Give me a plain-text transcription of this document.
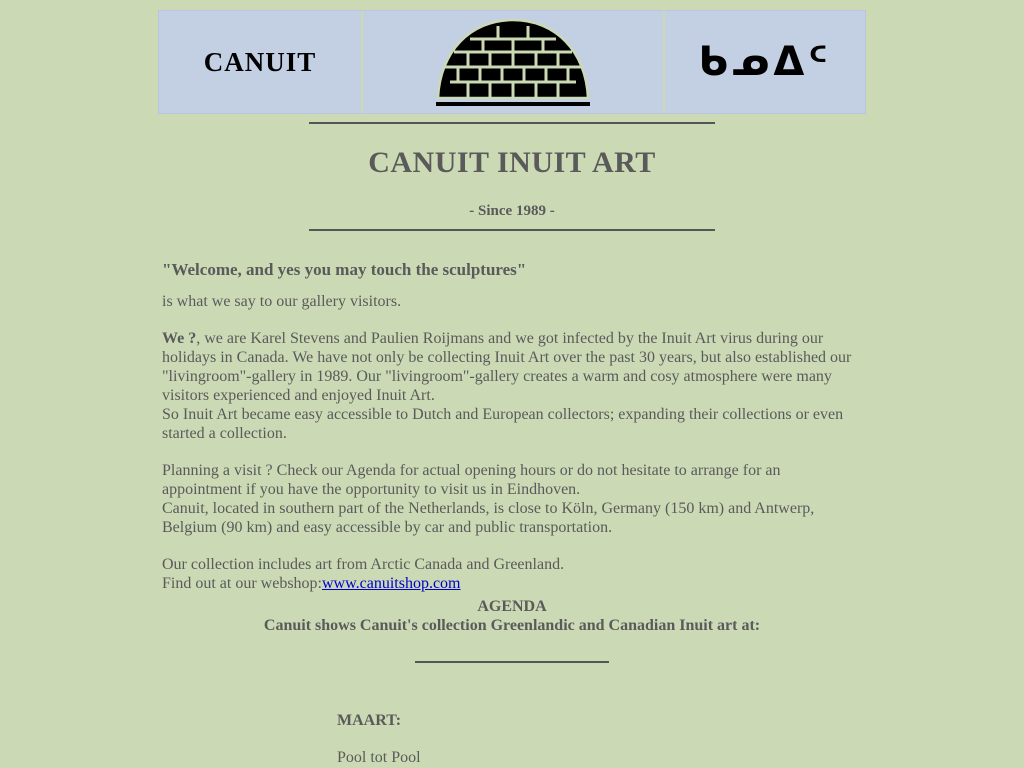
CANUIT	ᑲᓄᐃᑦ
CANUIT INUIT ART
- Since 1989 -

"Welcome, and yes you may touch the sculptures"

is what we say to our gallery visitors.

We ?, we are Karel Stevens and Paulien Roijmans and we got infected by the Inuit Art virus during our holidays in Canada. We have not only be collecting Inuit Art over the past 30 years, but also established our "livingroom"-gallery in 1989. Our "livingroom"-gallery creates a warm and cosy atmosphere were many visitors experienced and enjoyed Inuit Art.

So Inuit Art became easy accessible to Dutch and European collectors; expanding their collections or even started a collection.

Planning a visit ? Check our Agenda for actual opening hours or do not hesitate to arrange for an appointment if you have the opportunity to visit us in Eindhoven.

Canuit, located in southern part of the Netherlands, is close to Köln, Germany (150 km) and Antwerp, Belgium (90 km) and easy accessible by car and public transportation.

Our collection includes art from Arctic Canada and Greenland.

Find out at our webshop:www.canuitshop.com

AGENDA
Canuit shows Canuit's collection Greenlandic and Canadian Inuit art at:
MAART:
Pool tot Pool
